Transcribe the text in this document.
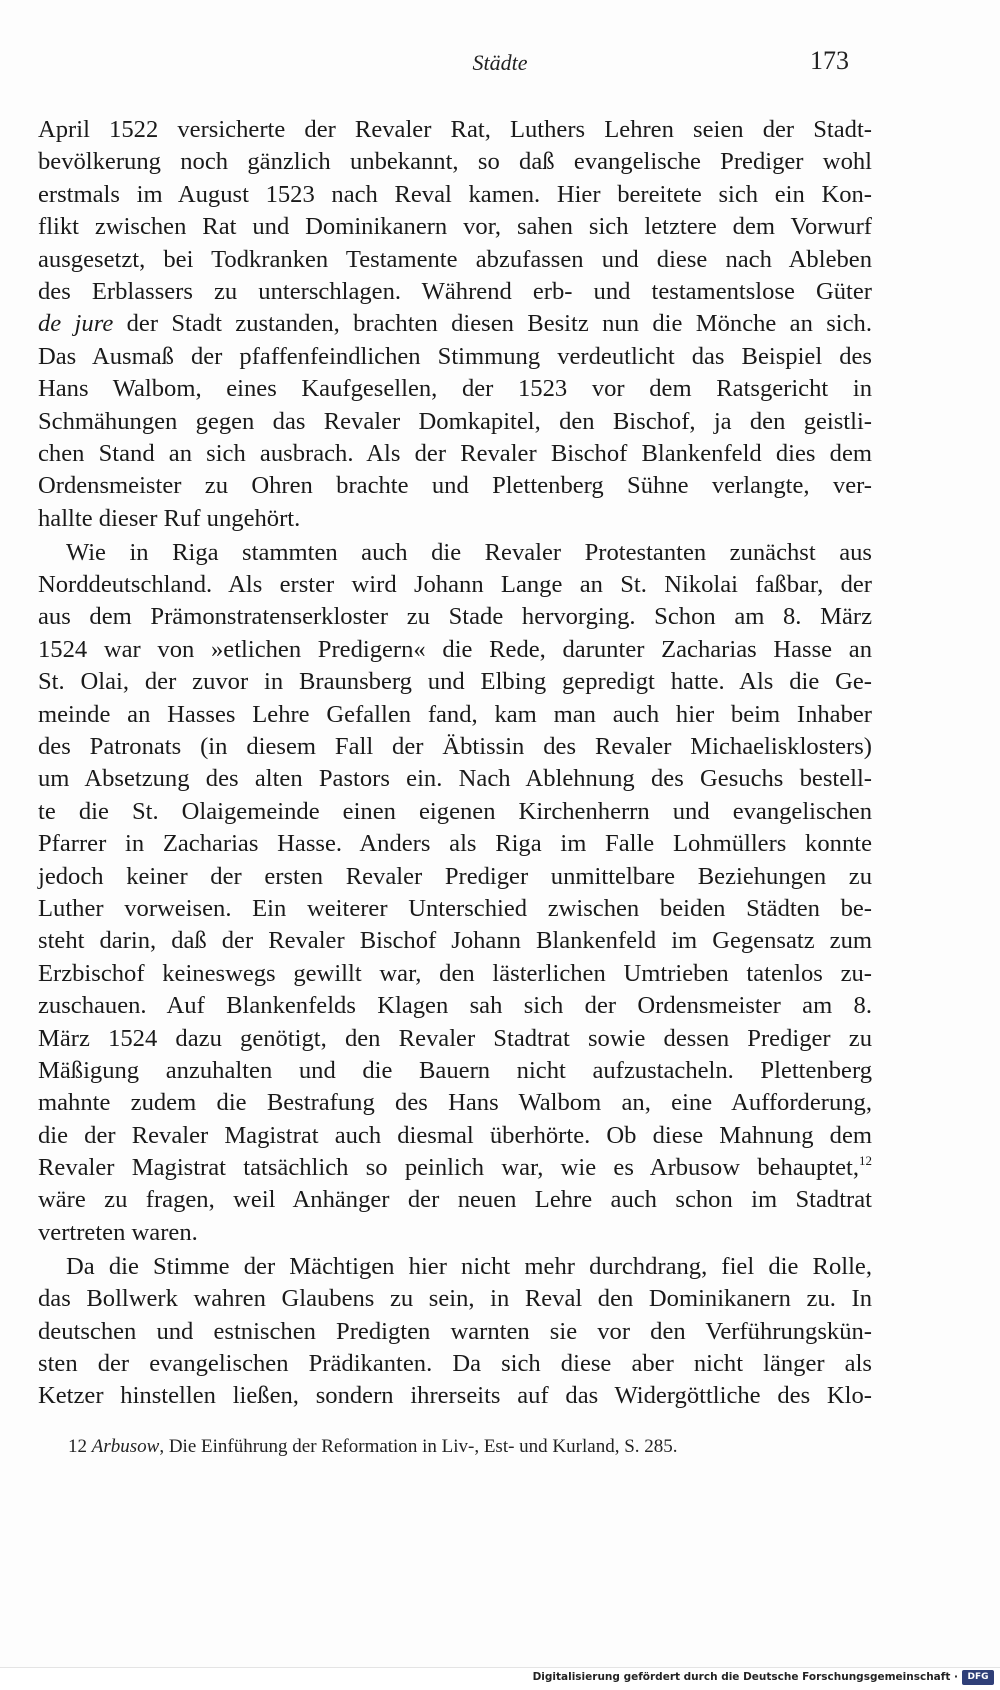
Städte	173
April 1522 versicherte der Revaler Rat, Luthers Lehren seien der Stadt-
bevölkerung noch gänzlich unbekannt, so daß evangelische Prediger wohl
erstmals im August 1523 nach Reval kamen. Hier bereitete sich ein Kon-
flikt zwischen Rat und Dominikanern vor, sahen sich letztere dem Vorwurf
ausgesetzt, bei Todkranken Testamente abzufassen und diese nach Ableben
des Erblassers zu unterschlagen. Während erb- und testamentslose Güter
de jure der Stadt zustanden, brachten diesen Besitz nun die Mönche an sich.
Das Ausmaß der pfaffenfeindlichen Stimmung verdeutlicht das Beispiel des
Hans Walbom, eines Kaufgesellen, der 1523 vor dem Ratsgericht in
Schmähungen gegen das Revaler Domkapitel, den Bischof, ja den geistli-
chen Stand an sich ausbrach. Als der Revaler Bischof Blankenfeld dies dem
Ordensmeister zu Ohren brachte und Plettenberg Sühne verlangte, ver-
hallte dieser Ruf ungehört.
Wie in Riga stammten auch die Revaler Protestanten zunächst aus
Norddeutschland. Als erster wird Johann Lange an St. Nikolai faßbar, der
aus dem Prämonstratenserkloster zu Stade hervorging. Schon am 8. März
1524 war von »etlichen Predigern« die Rede, darunter Zacharias Hasse an
St. Olai, der zuvor in Braunsberg und Elbing gepredigt hatte. Als die Ge-
meinde an Hasses Lehre Gefallen fand, kam man auch hier beim Inhaber
des Patronats (in diesem Fall der Äbtissin des Revaler Michaelisklosters)
um Absetzung des alten Pastors ein. Nach Ablehnung des Gesuchs bestell-
te die St. Olaigemeinde einen eigenen Kirchenherrn und evangelischen
Pfarrer in Zacharias Hasse. Anders als Riga im Falle Lohmüllers konnte
jedoch keiner der ersten Revaler Prediger unmittelbare Beziehungen zu
Luther vorweisen. Ein weiterer Unterschied zwischen beiden Städten be-
steht darin, daß der Revaler Bischof Johann Blankenfeld im Gegensatz zum
Erzbischof keineswegs gewillt war, den lästerlichen Umtrieben tatenlos zu-
zuschauen. Auf Blankenfelds Klagen sah sich der Ordensmeister am 8.
März 1524 dazu genötigt, den Revaler Stadtrat sowie dessen Prediger zu
Mäßigung anzuhalten und die Bauern nicht aufzustacheln. Plettenberg
mahnte zudem die Bestrafung des Hans Walbom an, eine Aufforderung,
die der Revaler Magistrat auch diesmal überhörte. Ob diese Mahnung dem
Revaler Magistrat tatsächlich so peinlich war, wie es Arbusow behauptet,$^{12}$
wäre zu fragen, weil Anhänger der neuen Lehre auch schon im Stadtrat
vertreten waren.
Da die Stimme der Mächtigen hier nicht mehr durchdrang, fiel die Rolle,
das Bollwerk wahren Glaubens zu sein, in Reval den Dominikanern zu. In
deutschen und estnischen Predigten warnten sie vor den Verführungskün-
sten der evangelischen Prädikanten. Da sich diese aber nicht länger als
Ketzer hinstellen ließen, sondern ihrerseits auf das Widergöttliche des Klo-
12 Arbusow, Die Einführung der Reformation in Liv-, Est- und Kurland, S. 285.
Digitalisierung gefördert durch die Deutsche Forschungsgemeinschaft ·	DFG
